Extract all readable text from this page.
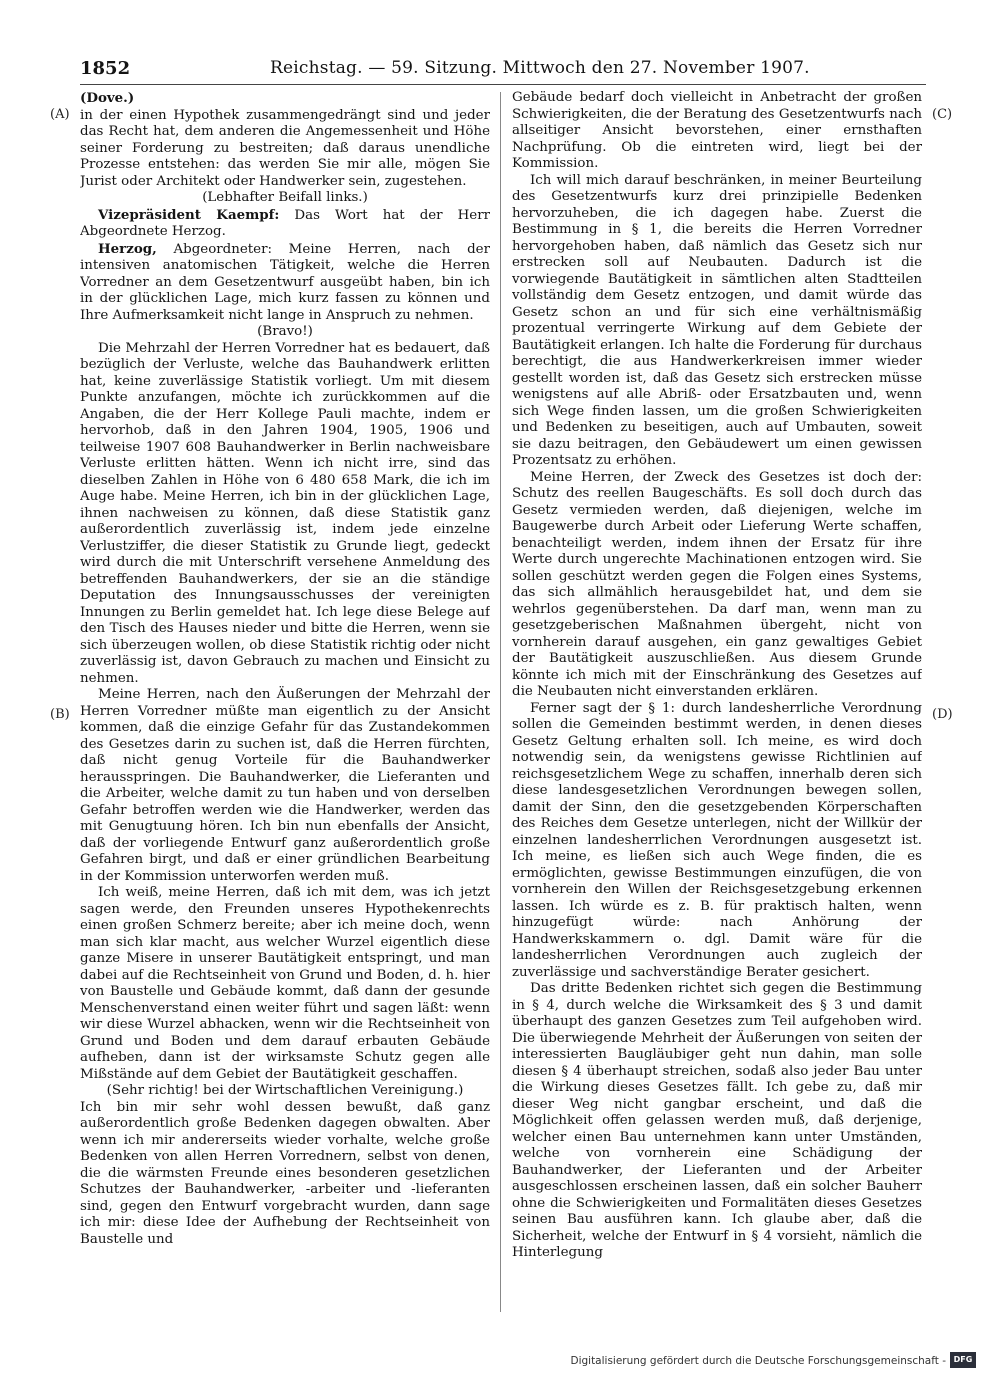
1852	Reichstag. — 59. Sitzung. Mittwoch den 27. November 1907.
(A)
(B)
(C)
(D)

(Dove.)

in der einen Hypothek zusammengedrängt sind und jeder das Recht hat, dem anderen die Angemessenheit und Höhe seiner Forderung zu bestreiten; daß daraus unendliche Prozesse entstehen: das werden Sie mir alle, mögen Sie Jurist oder Architekt oder Handwerker sein, zugestehen.

(Lebhafter Beifall links.)

Vizepräsident Kaempf: Das Wort hat der Herr Abgeordnete Herzog.

Herzog, Abgeordneter: Meine Herren, nach der intensiven anatomischen Tätigkeit, welche die Herren Vorredner an dem Gesetzentwurf ausgeübt haben, bin ich in der glücklichen Lage, mich kurz fassen zu können und Ihre Aufmerksamkeit nicht lange in Anspruch zu nehmen.

(Bravo!)

Die Mehrzahl der Herren Vorredner hat es bedauert, daß bezüglich der Verluste, welche das Bauhandwerk erlitten hat, keine zuverlässige Statistik vorliegt. Um mit diesem Punkte anzufangen, möchte ich zurückkommen auf die Angaben, die der Herr Kollege Pauli machte, indem er hervorhob, daß in den Jahren 1904, 1905, 1906 und teilweise 1907 608 Bauhandwerker in Berlin nachweisbare Verluste erlitten hätten. Wenn ich nicht irre, sind das dieselben Zahlen in Höhe von 6 480 658 Mark, die ich im Auge habe. Meine Herren, ich bin in der glücklichen Lage, ihnen nachweisen zu können, daß diese Statistik ganz außerordentlich zuverlässig ist, indem jede einzelne Verlustziffer, die dieser Statistik zu Grunde liegt, gedeckt wird durch die mit Unterschrift versehene Anmeldung des betreffenden Bauhandwerkers, der sie an die ständige Deputation des Innungsausschusses der vereinigten Innungen zu Berlin gemeldet hat. Ich lege diese Belege auf den Tisch des Hauses nieder und bitte die Herren, wenn sie sich überzeugen wollen, ob diese Statistik richtig oder nicht zuverlässig ist, davon Gebrauch zu machen und Einsicht zu nehmen.

Meine Herren, nach den Äußerungen der Mehrzahl der Herren Vorredner müßte man eigentlich zu der Ansicht kommen, daß die einzige Gefahr für das Zustandekommen des Gesetzes darin zu suchen ist, daß die Herren fürchten, daß nicht genug Vorteile für die Bauhandwerker herausspringen. Die Bauhandwerker, die Lieferanten und die Arbeiter, welche damit zu tun haben und von derselben Gefahr betroffen werden wie die Handwerker, werden das mit Genugtuung hören. Ich bin nun ebenfalls der Ansicht, daß der vorliegende Entwurf ganz außerordentlich große Gefahren birgt, und daß er einer gründlichen Bearbeitung in der Kommission unterworfen werden muß.

Ich weiß, meine Herren, daß ich mit dem, was ich jetzt sagen werde, den Freunden unseres Hypothekenrechts einen großen Schmerz bereite; aber ich meine doch, wenn man sich klar macht, aus welcher Wurzel eigentlich diese ganze Misere in unserer Bautätigkeit entspringt, und man dabei auf die Rechtseinheit von Grund und Boden, d. h. hier von Baustelle und Gebäude kommt, daß dann der gesunde Menschenverstand einen weiter führt und sagen läßt: wenn wir diese Wurzel abhacken, wenn wir die Rechtseinheit von Grund und Boden und dem darauf erbauten Gebäude aufheben, dann ist der wirksamste Schutz gegen alle Mißstände auf dem Gebiet der Bautätigkeit geschaffen.

(Sehr richtig! bei der Wirtschaftlichen Vereinigung.)

Ich bin mir sehr wohl dessen bewußt, daß ganz außerordentlich große Bedenken dagegen obwalten. Aber wenn ich mir andererseits wieder vorhalte, welche große Bedenken von allen Herren Vorrednern, selbst von denen, die die wärmsten Freunde eines besonderen gesetzlichen Schutzes der Bauhandwerker, -arbeiter und -lieferanten sind, gegen den Entwurf vorgebracht wurden, dann sage ich mir: diese Idee der Aufhebung der Rechtseinheit von Baustelle und

Gebäude bedarf doch vielleicht in Anbetracht der großen Schwierigkeiten, die der Beratung des Gesetzentwurfs nach allseitiger Ansicht bevorstehen, einer ernsthaften Nachprüfung. Ob die eintreten wird, liegt bei der Kommission.

Ich will mich darauf beschränken, in meiner Beurteilung des Gesetzentwurfs kurz drei prinzipielle Bedenken hervorzuheben, die ich dagegen habe. Zuerst die Bestimmung in § 1, die bereits die Herren Vorredner hervorgehoben haben, daß nämlich das Gesetz sich nur erstrecken soll auf Neubauten. Dadurch ist die vorwiegende Bautätigkeit in sämtlichen alten Stadtteilen vollständig dem Gesetz entzogen, und damit würde das Gesetz schon an und für sich eine verhältnismäßig prozentual verringerte Wirkung auf dem Gebiete der Bautätigkeit erlangen. Ich halte die Forderung für durchaus berechtigt, die aus Handwerkerkreisen immer wieder gestellt worden ist, daß das Gesetz sich erstrecken müsse wenigstens auf alle Abriß- oder Ersatzbauten und, wenn sich Wege finden lassen, um die großen Schwierigkeiten und Bedenken zu beseitigen, auch auf Umbauten, soweit sie dazu beitragen, den Gebäudewert um einen gewissen Prozentsatz zu erhöhen.

Meine Herren, der Zweck des Gesetzes ist doch der: Schutz des reellen Baugeschäfts. Es soll doch durch das Gesetz vermieden werden, daß diejenigen, welche im Baugewerbe durch Arbeit oder Lieferung Werte schaffen, benachteiligt werden, indem ihnen der Ersatz für ihre Werte durch ungerechte Machinationen entzogen wird. Sie sollen geschützt werden gegen die Folgen eines Systems, das sich allmählich herausgebildet hat, und dem sie wehrlos gegenüberstehen. Da darf man, wenn man zu gesetzgeberischen Maßnahmen übergeht, nicht von vornherein darauf ausgehen, ein ganz gewaltiges Gebiet der Bautätigkeit auszuschließen. Aus diesem Grunde könnte ich mich mit der Einschränkung des Gesetzes auf die Neubauten nicht einverstanden erklären.

Ferner sagt der § 1: durch landesherrliche Verordnung sollen die Gemeinden bestimmt werden, in denen dieses Gesetz Geltung erhalten soll. Ich meine, es wird doch notwendig sein, da wenigstens gewisse Richtlinien auf reichsgesetzlichem Wege zu schaffen, innerhalb deren sich diese landesgesetzlichen Verordnungen bewegen sollen, damit der Sinn, den die gesetzgebenden Körperschaften des Reiches dem Gesetze unterlegen, nicht der Willkür der einzelnen landesherrlichen Verordnungen ausgesetzt ist. Ich meine, es ließen sich auch Wege finden, die es ermöglichten, gewisse Bestimmungen einzufügen, die von vornherein den Willen der Reichsgesetzgebung erkennen lassen. Ich würde es z. B. für praktisch halten, wenn hinzugefügt würde: nach Anhörung der Handwerkskammern o. dgl. Damit wäre für die landesherrlichen Verordnungen auch zugleich der zuverlässige und sachverständige Berater gesichert.

Das dritte Bedenken richtet sich gegen die Bestimmung in § 4, durch welche die Wirksamkeit des § 3 und damit überhaupt des ganzen Gesetzes zum Teil aufgehoben wird. Die überwiegende Mehrheit der Äußerungen von seiten der interessierten Baugläubiger geht nun dahin, man solle diesen § 4 überhaupt streichen, sodaß also jeder Bau unter die Wirkung dieses Gesetzes fällt. Ich gebe zu, daß mir dieser Weg nicht gangbar erscheint, und daß die Möglichkeit offen gelassen werden muß, daß derjenige, welcher einen Bau unternehmen kann unter Umständen, welche von vornherein eine Schädigung der Bauhandwerker, der Lieferanten und der Arbeiter ausgeschlossen erscheinen lassen, daß ein solcher Bauherr ohne die Schwierigkeiten und Formalitäten dieses Gesetzes seinen Bau ausführen kann. Ich glaube aber, daß die Sicherheit, welche der Entwurf in § 4 vorsieht, nämlich die Hinterlegung

Digitalisierung gefördert durch die Deutsche Forschungsgemeinschaft - DFG
